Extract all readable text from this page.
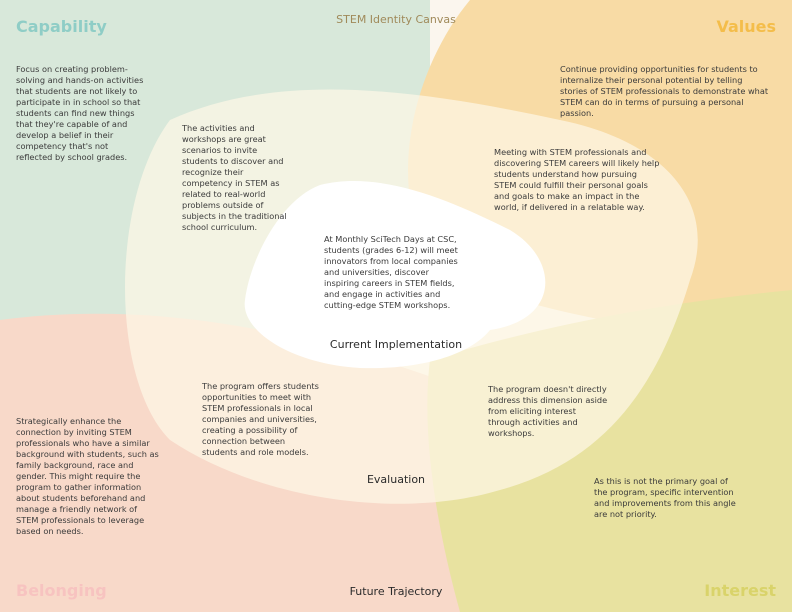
STEM Identity Canvas

Capability	Values

Belonging	Interest

Focus on creating problem-solving and hands-on activities that students are not likely to participate in in school so that students can find new things that they're capable of and develop a belief in their competency that's not reflected by school grades.

Continue providing opportunities for students to internalize their personal potential by telling stories of STEM professionals to demonstrate what STEM can do in terms of pursuing a personal passion.

Strategically enhance the connection by inviting STEM professionals who have a similar background with students, such as family background, race and gender. This might require the program to gather information about students beforehand and manage a friendly network of STEM professionals to leverage based on needs.

As this is not the primary goal of the program, specific intervention and improvements from this angle are not priority.

The activities and workshops are great scenarios to invite students to discover and recognize their competency in STEM as related to real-world problems outside of subjects in the traditional school curriculum.

Meeting with STEM professionals and discovering STEM careers will likely help students understand how pursuing STEM could fulfill their personal goals and goals to make an impact in the world, if delivered in a relatable way.

The program offers students opportunities to meet with STEM professionals in local companies and universities, creating a possibility of connection between students and role models.

The program doesn't directly address this dimension aside from eliciting interest through activities and workshops.

At Monthly SciTech Days at CSC, students (grades 6-12) will meet innovators from local companies and universities, discover inspiring careers in STEM fields, and engage in activities and cutting-edge STEM workshops.

Current Implementation

Evaluation

Future Trajectory
